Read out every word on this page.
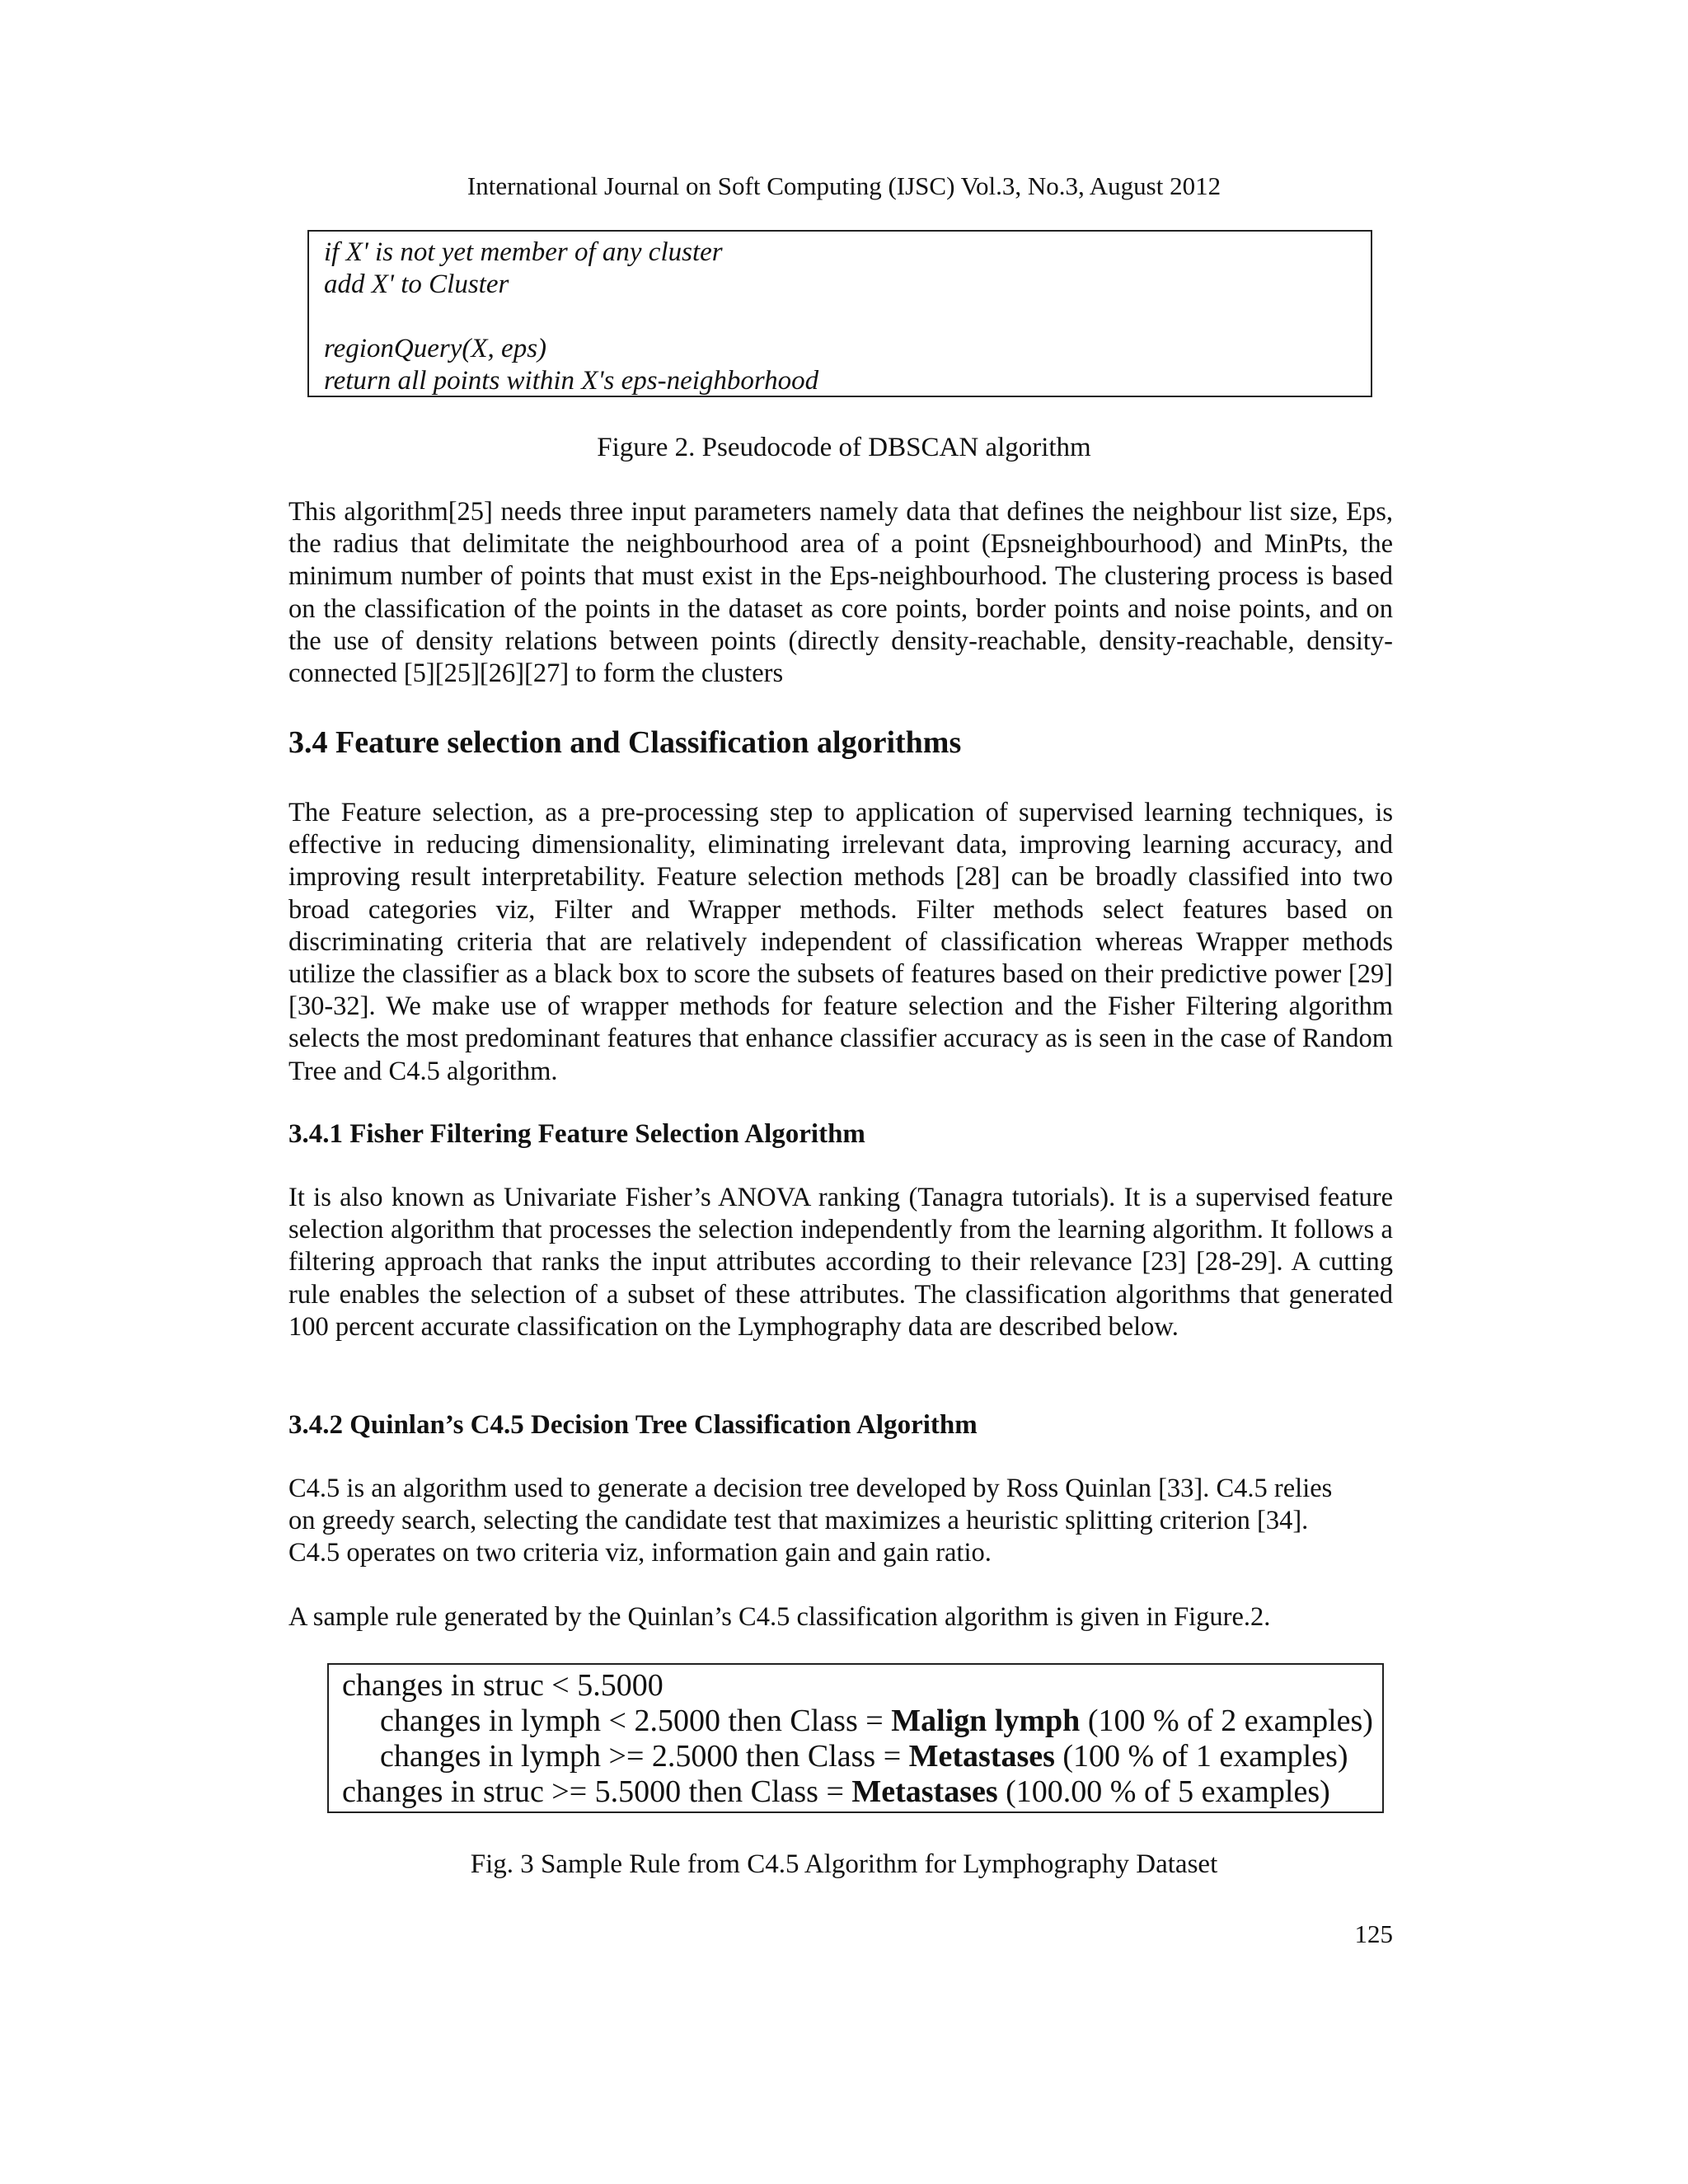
International Journal on Soft Computing (IJSC) Vol.3, No.3, August 2012
if X' is not yet member of any cluster
add X' to Cluster
regionQuery(X, eps)
return all points within X's eps-neighborhood
Figure 2. Pseudocode of DBSCAN algorithm

This algorithm[25] needs three input parameters namely data that defines the neighbour list size, Eps, the radius that delimitate the neighbourhood area of a point (Epsneighbourhood) and MinPts, the minimum number of points that must exist in the Eps-neighbourhood. The clustering process is based on the classification of the points in the dataset as core points, border points and noise points, and on the use of density relations between points (directly density-reachable, density-reachable, density-connected [5][25][26][27] to form the clusters

3.4 Feature selection and Classification algorithms

The Feature selection, as a pre-processing step to application of supervised learning techniques, is effective in reducing dimensionality, eliminating irrelevant data, improving learning accuracy, and improving result interpretability. Feature selection methods [28] can be broadly classified into two broad categories viz, Filter and Wrapper methods. Filter methods select features based on discriminating criteria that are relatively independent of classification whereas Wrapper methods utilize the classifier as a black box to score the subsets of features based on their predictive power [29][30-32]. We make use of wrapper methods for feature selection and the Fisher Filtering algorithm selects the most predominant features that enhance classifier accuracy as is seen in the case of Random Tree and C4.5 algorithm.

3.4.1 Fisher Filtering Feature Selection Algorithm

It is also known as Univariate Fisher’s ANOVA ranking (Tanagra tutorials). It is a supervised feature selection algorithm that processes the selection independently from the learning algorithm. It follows a filtering approach that ranks the input attributes according to their relevance [23] [28-29]. A cutting rule enables the selection of a subset of these attributes. The classification algorithms that generated 100 percent accurate classification on the Lymphography data are described below.

3.4.2 Quinlan’s C4.5 Decision Tree Classification Algorithm
C4.5 is an algorithm used to generate a decision tree developed by Ross Quinlan [33]. C4.5 relies
on greedy search, selecting the candidate test that maximizes a heuristic splitting criterion [34].
C4.5 operates on two criteria viz, information gain and gain ratio.

A sample rule generated by the Quinlan’s C4.5 classification algorithm is given in Figure.2.

changes in struc < 5.5000
changes in lymph < 2.5000 then Class = Malign lymph (100 % of 2 examples)
changes in lymph >= 2.5000 then Class = Metastases (100 % of 1 examples)
changes in struc >= 5.5000 then Class = Metastases (100.00 % of 5 examples)
Fig. 3 Sample Rule from C4.5 Algorithm for Lymphography Dataset
125
